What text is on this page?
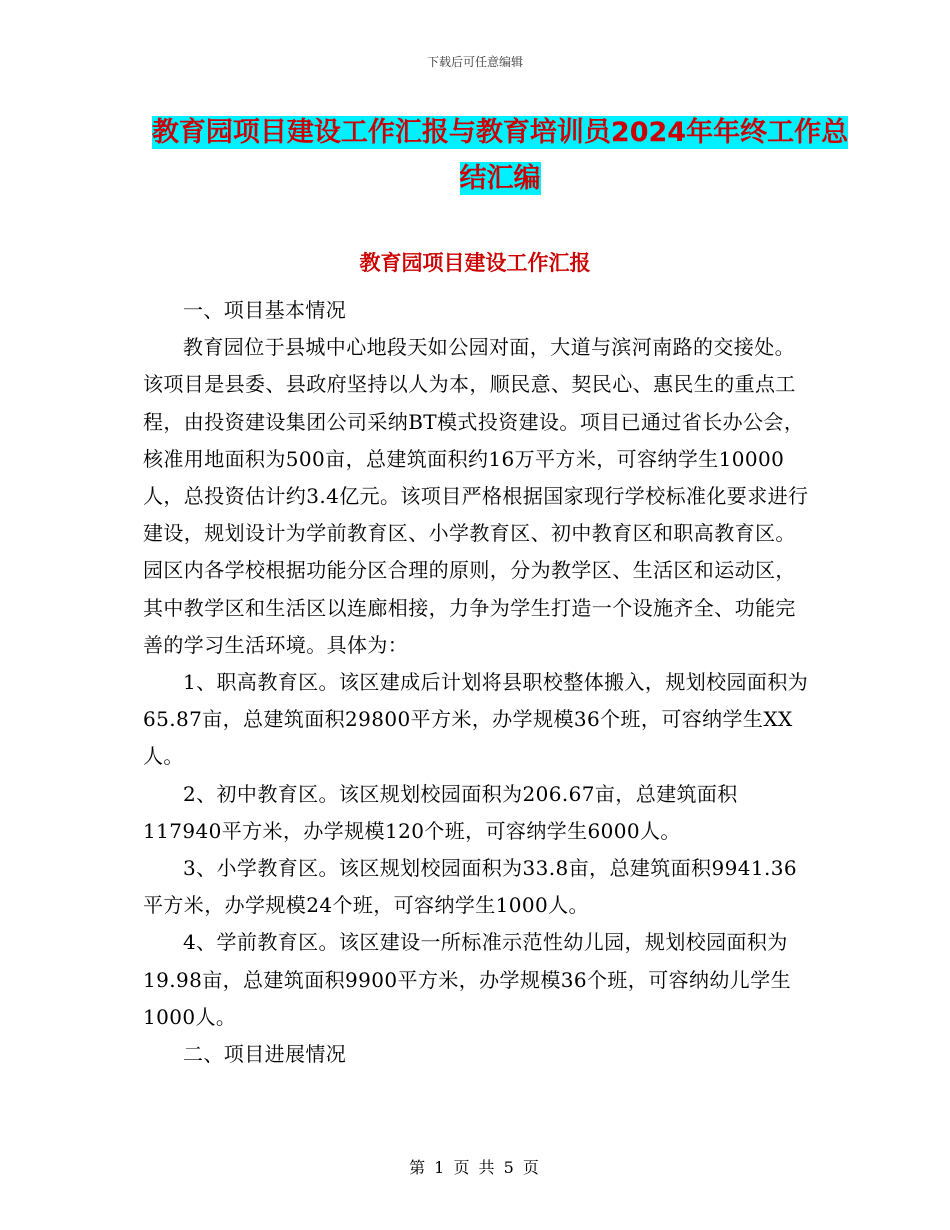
下载后可任意编辑
教育园项目建设工作汇报与教育培训员2024年年终工作总结汇编
教育园项目建设工作汇报

一、项目基本情况

教育园位于县城中心地段天如公园对面，大道与滨河南路的交接处。该项目是县委、县政府坚持以人为本，顺民意、契民心、惠民生的重点工程，由投资建设集团公司采纳BT模式投资建设。项目已通过省长办公会，核准用地面积为500亩，总建筑面积约16万平方米，可容纳学生10000人，总投资估计约3.4亿元。该项目严格根据国家现行学校标准化要求进行建设，规划设计为学前教育区、小学教育区、初中教育区和职高教育区。园区内各学校根据功能分区合理的原则，分为教学区、生活区和运动区，其中教学区和生活区以连廊相接，力争为学生打造一个设施齐全、功能完善的学习生活环境。具体为：

1、职高教育区。该区建成后计划将县职校整体搬入，规划校园面积为65.87亩，总建筑面积29800平方米，办学规模36个班，可容纳学生XX人。

2、初中教育区。该区规划校园面积为206.67亩，总建筑面积117940平方米，办学规模120个班，可容纳学生6000人。

3、小学教育区。该区规划校园面积为33.8亩，总建筑面积9941.36平方米，办学规模24个班，可容纳学生1000人。

4、学前教育区。该区建设一所标准示范性幼儿园，规划校园面积为19.98亩，总建筑面积9900平方米，办学规模36个班，可容纳幼儿学生1000人。

二、项目进展情况

第 1 页 共 5 页
